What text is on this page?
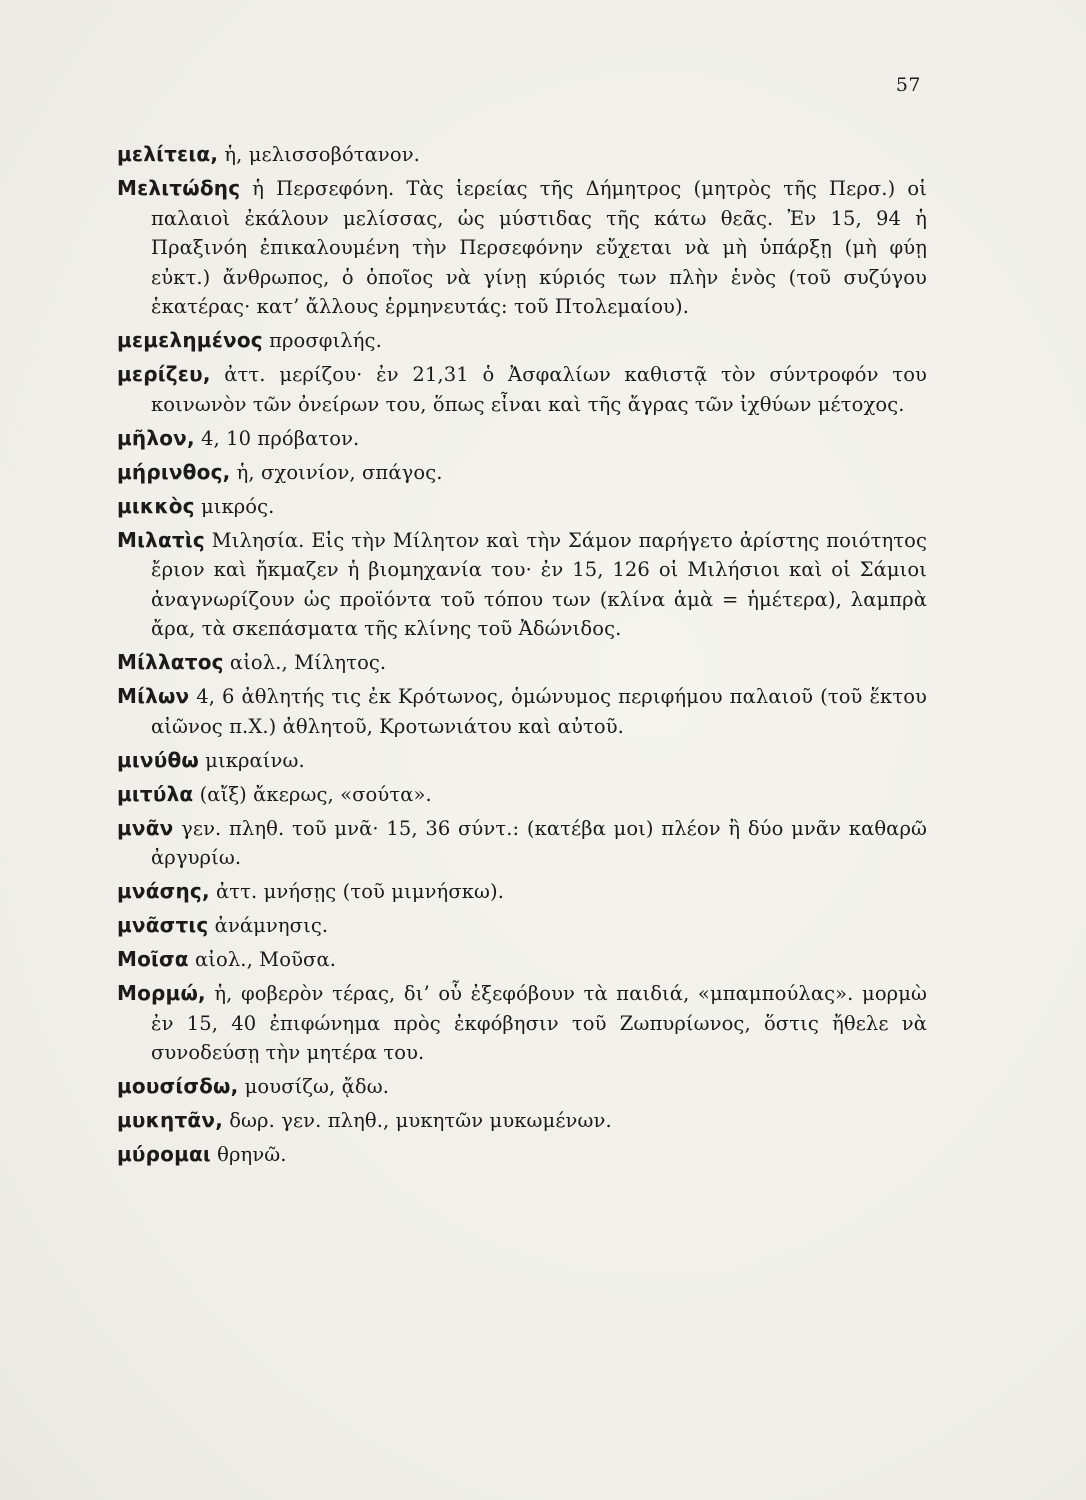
57

μελίτεια, ἡ, μελισσοβότανον.

Μελιτώδης ἡ Περσεφόνη. Τὰς ἱερείας τῆς Δήμητρος (μητρὸς τῆς Περσ.) οἱ παλαιοὶ ἐκάλουν μελίσσας, ὡς μύστιδας τῆς κάτω θεᾶς. Ἐν 15, 94 ἡ Πραξινόη ἐπικαλουμένη τὴν Περσεφόνην εὔχεται νὰ μὴ ὑπάρξῃ (μὴ φύῃ εὐκτ.) ἄνθρωπος, ὁ ὁποῖος νὰ γίνῃ κύριός των πλὴν ἑνὸς (τοῦ συζύγου ἑκατέρας· κατ’ ἄλλους ἑρμηνευτάς: τοῦ Πτολεμαίου).

μεμελημένος προσφιλής.

μερίζευ, ἀττ. μερίζου· ἐν 21,31 ὁ Ἀσφαλίων καθιστᾷ τὸν σύντροφόν του κοινωνὸν τῶν ὀνείρων του, ὅπως εἶναι καὶ τῆς ἄγρας τῶν ἰχθύων μέτοχος.

μῆλον, 4, 10 πρόβατον.

μήρινθος, ἡ, σχοινίον, σπάγος.

μικκὸς μικρός.

Μιλατὶς Μιλησία. Εἰς τὴν Μίλητον καὶ τὴν Σάμον παρήγετο ἀρίστης ποιότητος ἔριον καὶ ἤκμαζεν ἡ βιομηχανία του· ἐν 15, 126 οἱ Μιλήσιοι καὶ οἱ Σάμιοι ἀναγνωρίζουν ὡς προϊόντα τοῦ τόπου των (κλίνα ἁμὰ = ἡμέτερα), λαμπρὰ ἄρα, τὰ σκεπάσματα τῆς κλίνης τοῦ Ἀδώνιδος.

Μίλλατος αἰολ., Μίλητος.

Μίλων 4, 6 ἀθλητής τις ἐκ Κρότωνος, ὁμώνυμος περιφήμου παλαιοῦ (τοῦ ἕκτου αἰῶνος π.Χ.) ἀθλητοῦ, Κροτωνιάτου καὶ αὐτοῦ.

μινύθω μικραίνω.

μιτύλα (αἴξ) ἄκερως, «σούτα».

μνᾶν γεν. πληθ. τοῦ μνᾶ· 15, 36 σύντ.: (κατέβα μοι) πλέον ἢ δύο μνᾶν καθαρῶ ἀργυρίω.

μνάσης, ἀττ. μνήσῃς (τοῦ μιμνήσκω).

μνᾶστις ἀνάμνησις.

Μοῖσα αἰολ., Μοῦσα.

Μορμώ, ἡ, φοβερὸν τέρας, δι’ οὗ ἐξεφόβουν τὰ παιδιά, «μπαμπούλας». μορμὼ ἐν 15, 40 ἐπιφώνημα πρὸς ἐκφόβησιν τοῦ Ζωπυρίωνος, ὅστις ἤθελε νὰ συνοδεύσῃ τὴν μητέρα του.

μουσίσδω, μουσίζω, ᾄδω.

μυκητᾶν, δωρ. γεν. πληθ., μυκητῶν μυκωμένων.

μύρομαι θρηνῶ.
